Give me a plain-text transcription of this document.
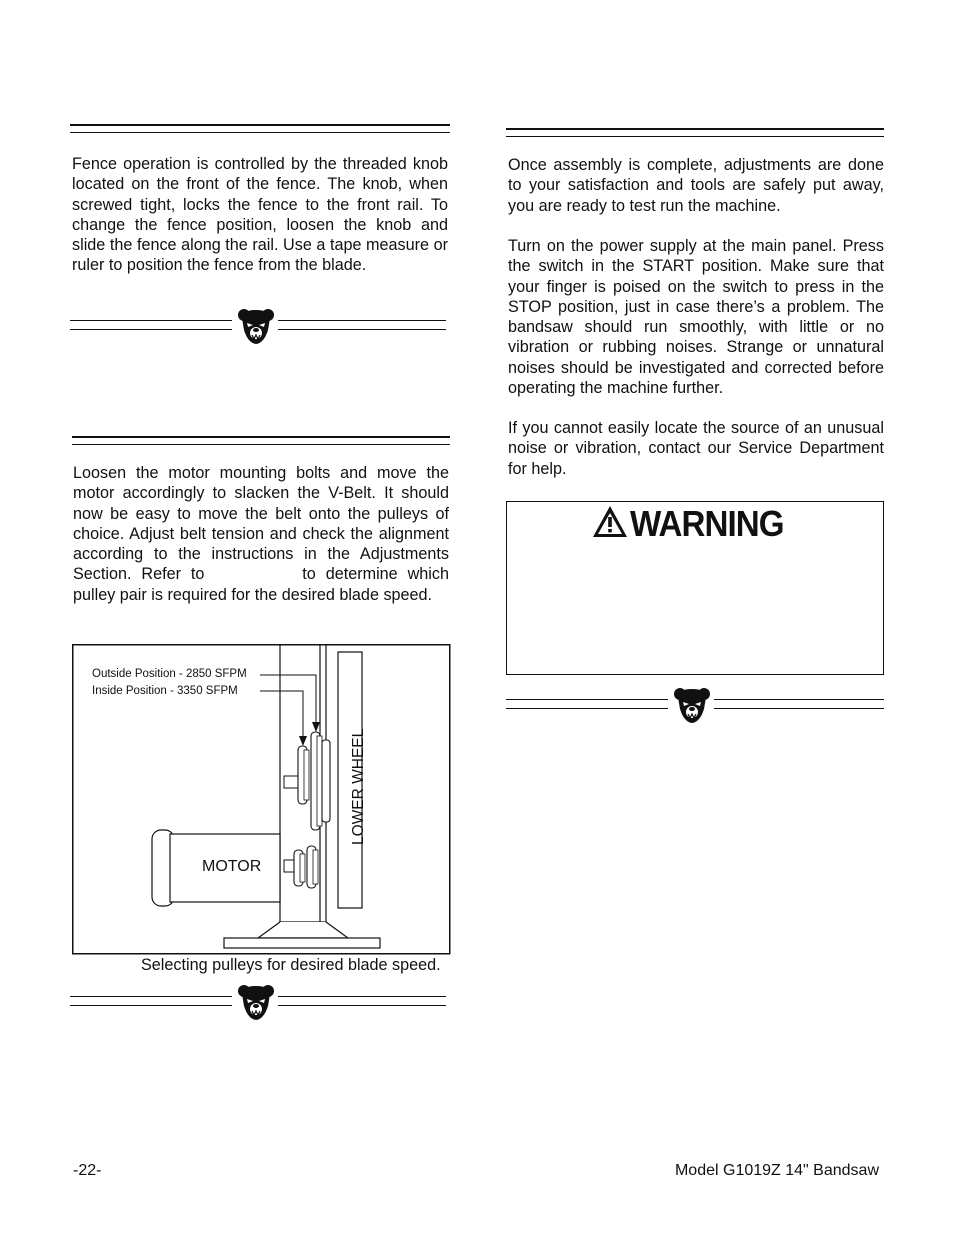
Fence operation is controlled by the threaded knob located on the front of the fence. The knob, when screwed tight, locks the fence to the front rail. To change the fence position, loosen the knob and slide the fence along the rail. Use a tape measure or ruler to position the fence from the blade.

Loosen the motor mounting bolts and move the motor accordingly to slacken the V-Belt. It should now be easy to move the belt onto the pulleys of choice. Adjust belt tension and check the alignment according to the instructions in the Adjustments Section. Refer to	to determine which pulley pair is required for the desired blade speed.

Outside Position - 2850 SFPM
Inside Position - 3350 SFPM
MOTOR
LOWER WHEEL
Selecting pulleys for desired blade speed.

Once assembly is complete, adjustments are done to your satisfaction and tools are safely put away, you are ready to test run the machine.

Turn on the power supply at the main panel. Press the switch in the START position. Make sure that your finger is poised on the switch to press in the STOP position, just in case there’s a problem. The bandsaw should run smoothly, with little or no vibration or rubbing noises. Strange or unnatural noises should be investigated and corrected before operating the machine further.

If you cannot easily locate the source of an unusual noise or vibration, contact our Service Department for help.

WARNING
-22-	Model G1019Z 14" Bandsaw
